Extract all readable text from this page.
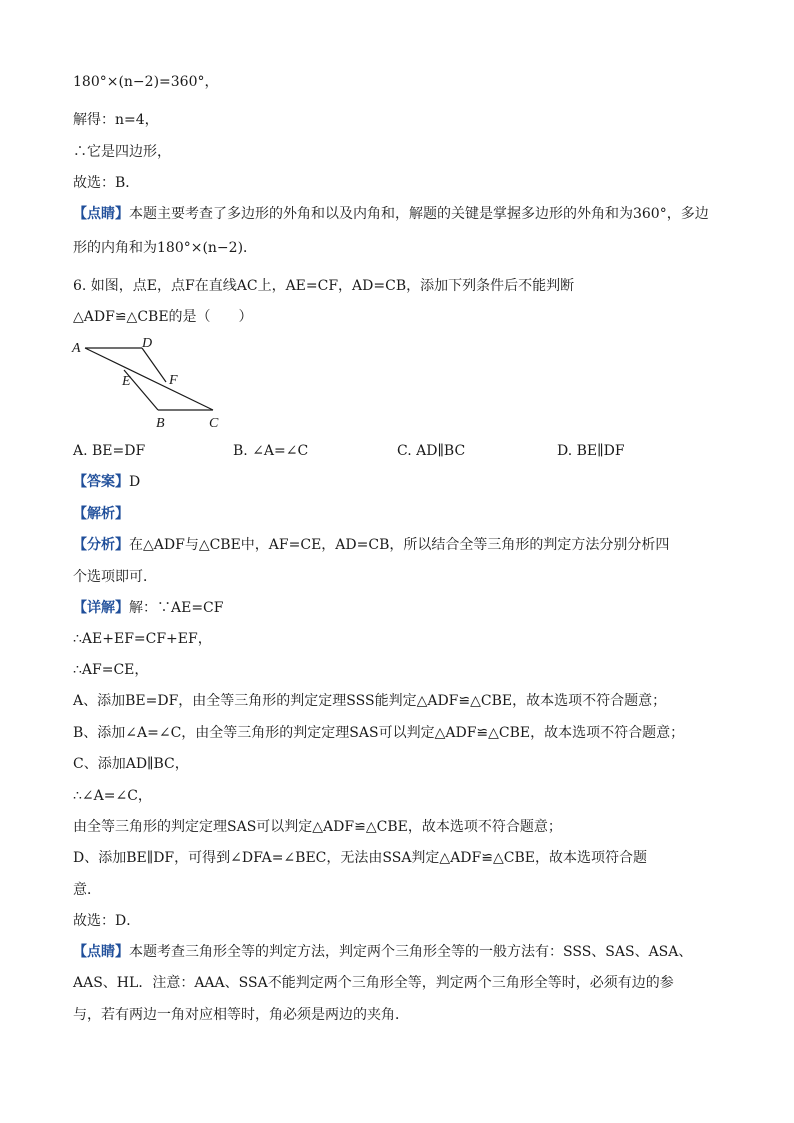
180°×(n−2)=360°，
解得：n=4，
∴它是四边形，
故选：B．
【点睛】本题主要考查了多边形的外角和以及内角和，解题的关键是掌握多边形的外角和为360°，多边
形的内角和为180°×(n−2)．
6. 如图，点E，点F在直线AC上，AE=CF，AD=CB，添加下列条件后不能判断
△ADF≌△CBE的是（　　）
A	D
E	F
B	C
A. BE=DF	B. ∠A=∠C	C. AD∥BC	D. BE∥DF
【答案】D
【解析】
【分析】在△ADF与△CBE中，AF=CE，AD=CB，所以结合全等三角形的判定方法分别分析四
个选项即可．
【详解】解：∵AE=CF
∴AE+EF=CF+EF，
∴AF=CE，
A、添加BE=DF，由全等三角形的判定定理SSS能判定△ADF≌△CBE，故本选项不符合题意；
B、添加∠A=∠C，由全等三角形的判定定理SAS可以判定△ADF≌△CBE，故本选项不符合题意；
C、添加AD∥BC，
∴∠A=∠C，
由全等三角形的判定定理SAS可以判定△ADF≌△CBE，故本选项不符合题意；
D、添加BE∥DF，可得到∠DFA=∠BEC，无法由SSA判定△ADF≌△CBE，故本选项符合题
意．
故选：D．
【点睛】本题考查三角形全等的判定方法，判定两个三角形全等的一般方法有：SSS、SAS、ASA、
AAS、HL．注意：AAA、SSA不能判定两个三角形全等，判定两个三角形全等时，必须有边的参
与，若有两边一角对应相等时，角必须是两边的夹角．
